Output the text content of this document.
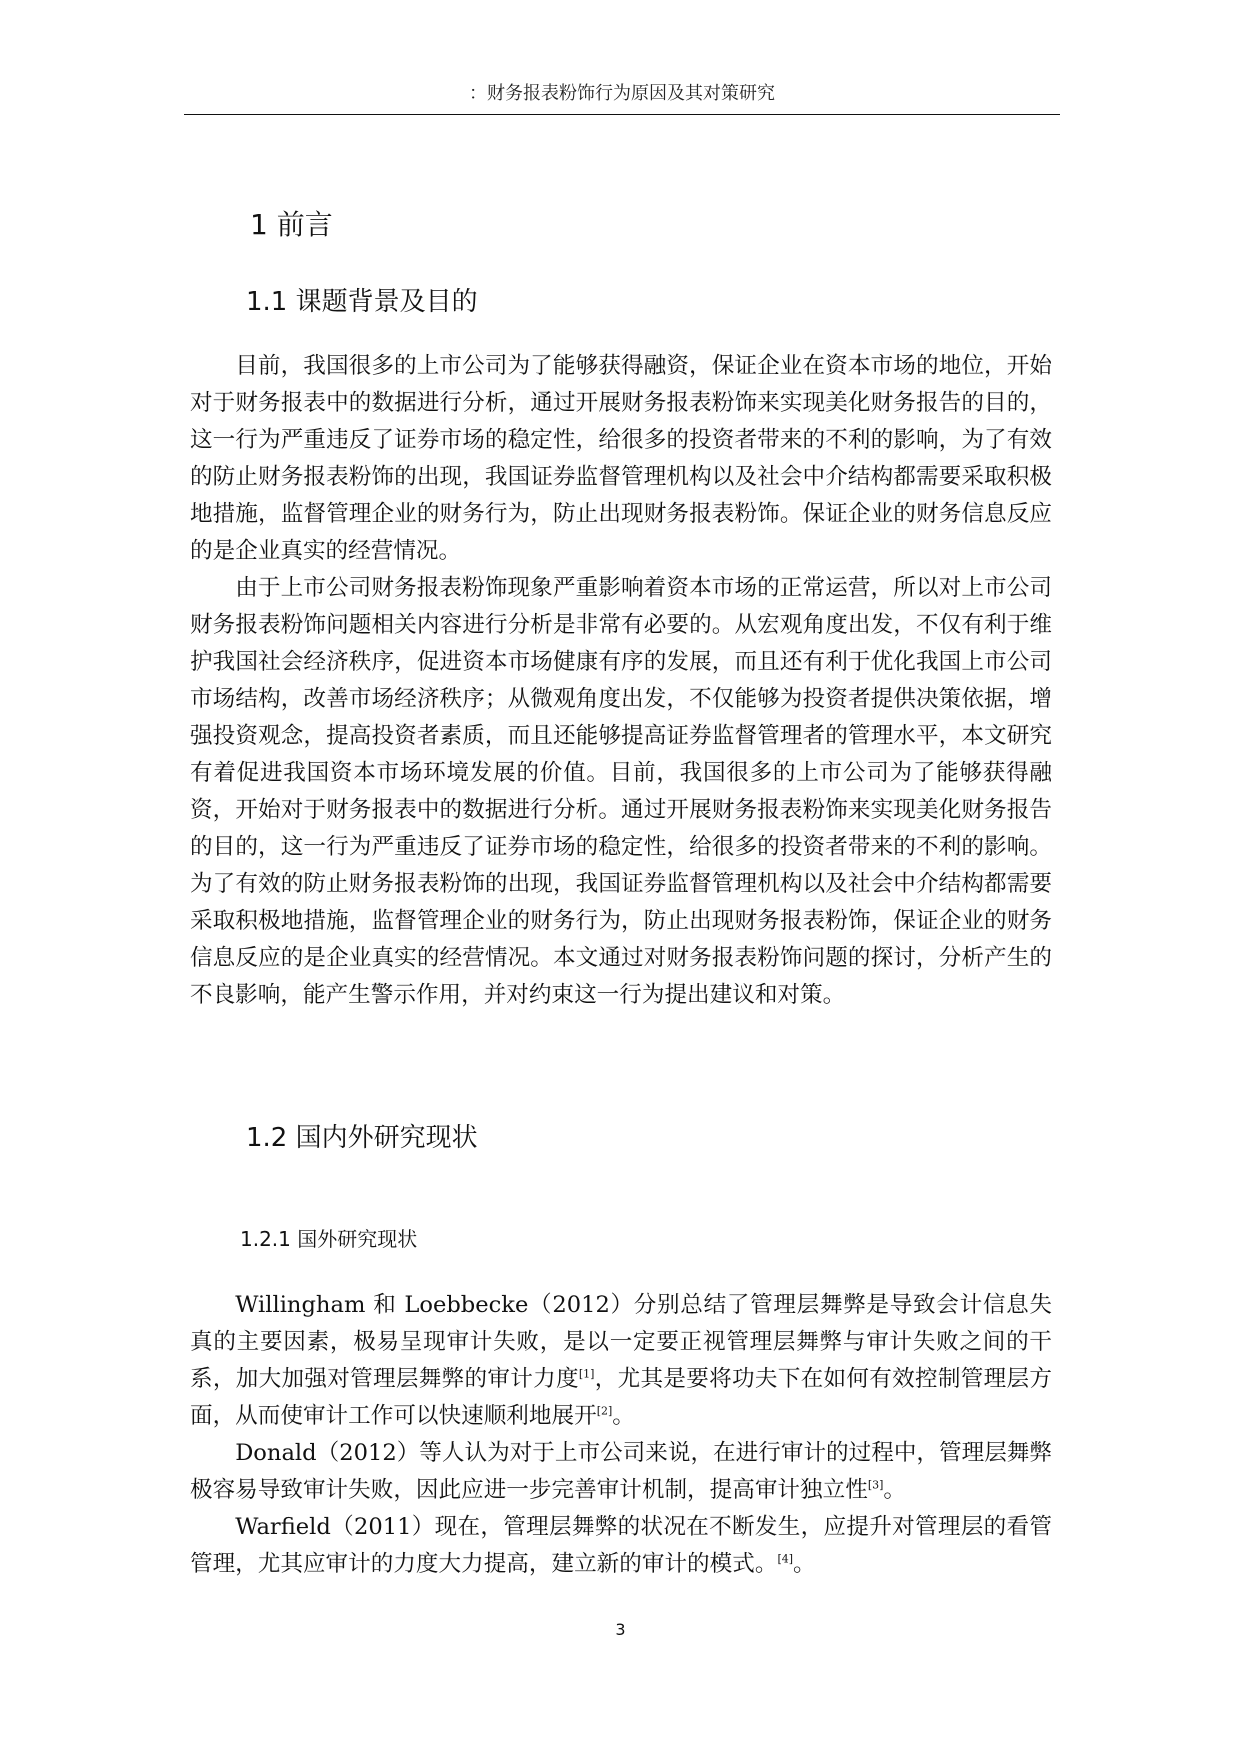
：财务报表粉饰行为原因及其对策研究
1 前言
1.1 课题背景及目的

目前，我国很多的上市公司为了能够获得融资，保证企业在资本市场的地位，开始对于财务报表中的数据进行分析，通过开展财务报表粉饰来实现美化财务报告的目的，这一行为严重违反了证券市场的稳定性，给很多的投资者带来的不利的影响，为了有效的防止财务报表粉饰的出现，我国证券监督管理机构以及社会中介结构都需要采取积极地措施，监督管理企业的财务行为，防止出现财务报表粉饰。保证企业的财务信息反应的是企业真实的经营情况。

由于上市公司财务报表粉饰现象严重影响着资本市场的正常运营，所以对上市公司财务报表粉饰问题相关内容进行分析是非常有必要的。从宏观角度出发，不仅有利于维护我国社会经济秩序，促进资本市场健康有序的发展，而且还有利于优化我国上市公司市场结构，改善市场经济秩序；从微观角度出发，不仅能够为投资者提供决策依据，增强投资观念，提高投资者素质，而且还能够提高证券监督管理者的管理水平，本文研究有着促进我国资本市场环境发展的价值。目前，我国很多的上市公司为了能够获得融资，开始对于财务报表中的数据进行分析。通过开展财务报表粉饰来实现美化财务报告的目的，这一行为严重违反了证券市场的稳定性，给很多的投资者带来的不利的影响。为了有效的防止财务报表粉饰的出现，我国证券监督管理机构以及社会中介结构都需要采取积极地措施，监督管理企业的财务行为，防止出现财务报表粉饰，保证企业的财务信息反应的是企业真实的经营情况。本文通过对财务报表粉饰问题的探讨，分析产生的不良影响，能产生警示作用，并对约束这一行为提出建议和对策。

1.2 国内外研究现状
1.2.1 国外研究现状

Willingham 和 Loebbecke（2012）分别总结了管理层舞弊是导致会计信息失真的主要因素，极易呈现审计失败，是以一定要正视管理层舞弊与审计失败之间的干系，加大加强对管理层舞弊的审计力度[1]，尤其是要将功夫下在如何有效控制管理层方面，从而使审计工作可以快速顺利地展开[2]。

Donald（2012）等人认为对于上市公司来说，在进行审计的过程中，管理层舞弊极容易导致审计失败，因此应进一步完善审计机制，提高审计独立性[3]。

Warfield（2011）现在，管理层舞弊的状况在不断发生，应提升对管理层的看管管理，尤其应审计的力度大力提高，建立新的审计的模式。[4]。

3
